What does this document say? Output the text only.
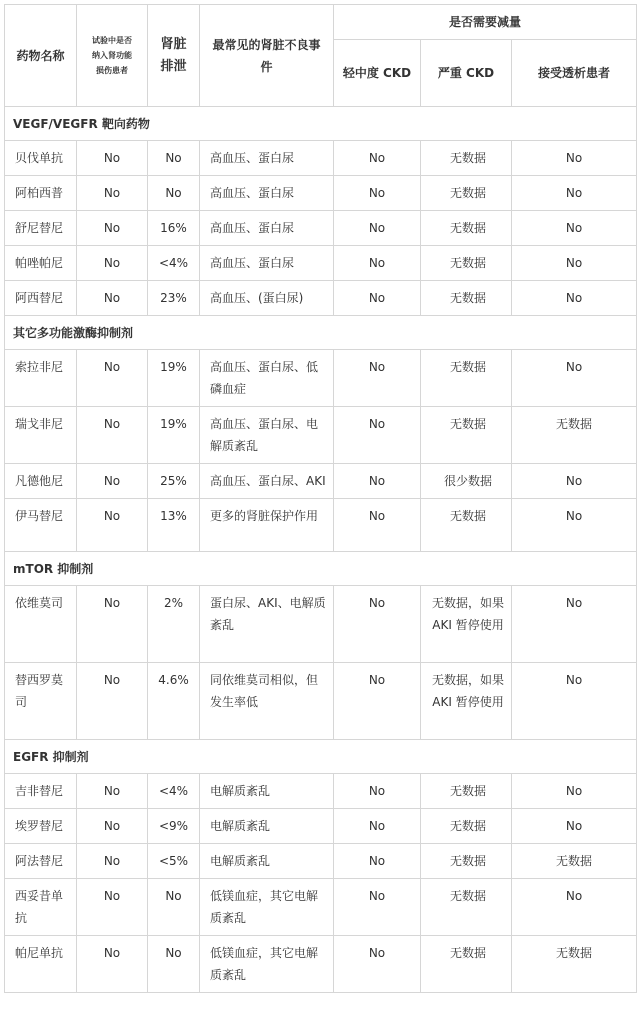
药物名称	试验中是否纳入肾功能损伤患者	肾脏排泄	最常见的肾脏不良事件	是否需要减量		
				轻中度 CKD	严重 CKD	接受透析患者
VEGF/VEGFR 靶向药物						
贝伐单抗	No	No	高血压、蛋白尿	No	无数据	No
阿柏西普	No	No	高血压、蛋白尿	No	无数据	No
舒尼替尼	No	16%	高血压、蛋白尿	No	无数据	No
帕唑帕尼	No	<4%	高血压、蛋白尿	No	无数据	No
阿西替尼	No	23%	高血压、(蛋白尿)	No	无数据	No
其它多功能激酶抑制剂						
索拉非尼	No	19%	高血压、蛋白尿、低磷血症	No	无数据	No
瑞戈非尼	No	19%	高血压、蛋白尿、电解质紊乱	No	无数据	无数据
凡德他尼	No	25%	高血压、蛋白尿、AKI	No	很少数据	No
伊马替尼	No	13%	更多的肾脏保护作用	No	无数据	No
mTOR 抑制剂						
依维莫司	No	2%	蛋白尿、AKI、电解质紊乱	No	无数据，如果 AKI 暂停使用	No
替西罗莫司	No	4.6%	同依维莫司相似，但发生率低	No	无数据，如果 AKI 暂停使用	No
EGFR 抑制剂						
吉非替尼	No	<4%	电解质紊乱	No	无数据	No
埃罗替尼	No	<9%	电解质紊乱	No	无数据	No
阿法替尼	No	<5%	电解质紊乱	No	无数据	无数据
西妥昔单抗	No	No	低镁血症，其它电解质紊乱	No	无数据	No
帕尼单抗	No	No	低镁血症，其它电解质紊乱	No	无数据	无数据
